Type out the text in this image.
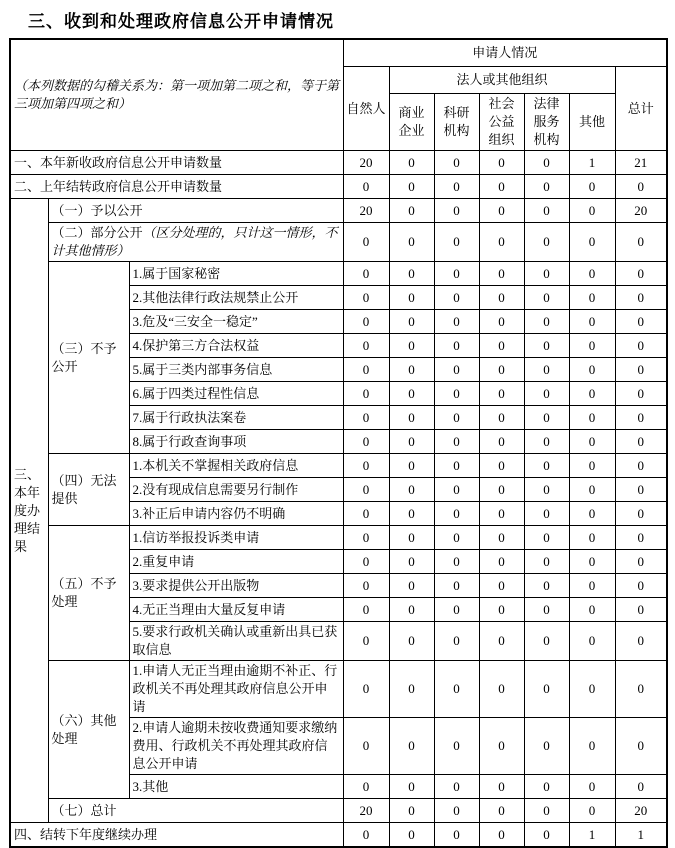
三、收到和处理政府信息公开申请情况
（本列数据的勾稽关系为：第一项加第二项之和，等于第三项加第四项之和）			申请人情况						
			自然人	法人或其他组织					总计
				商业企业	科研机构	社会公益组织	法律服务机构	其他	
一、本年新收政府信息公开申请数量			20	0	0	0	0	1	21
二、上年结转政府信息公开申请数量			0	0	0	0	0	0	0
三、本年度办理结果	（一）予以公开		20	0	0	0	0	0	20
	（二）部分公开（区分处理的，只计这一情形，不计其他情形）		0	0	0	0	0	0	0
	（三）不予公开	1.属于国家秘密	0	0	0	0	0	0	0
		2.其他法律行政法规禁止公开	0	0	0	0	0	0	0
		3.危及“三安全一稳定”	0	0	0	0	0	0	0
		4.保护第三方合法权益	0	0	0	0	0	0	0
		5.属于三类内部事务信息	0	0	0	0	0	0	0
		6.属于四类过程性信息	0	0	0	0	0	0	0
		7.属于行政执法案卷	0	0	0	0	0	0	0
		8.属于行政查询事项	0	0	0	0	0	0	0
	（四）无法提供	1.本机关不掌握相关政府信息	0	0	0	0	0	0	0
		2.没有现成信息需要另行制作	0	0	0	0	0	0	0
		3.补正后申请内容仍不明确	0	0	0	0	0	0	0
	（五）不予处理	1.信访举报投诉类申请	0	0	0	0	0	0	0
		2.重复申请	0	0	0	0	0	0	0
		3.要求提供公开出版物	0	0	0	0	0	0	0
		4.无正当理由大量反复申请	0	0	0	0	0	0	0
		5.要求行政机关确认或重新出具已获取信息	0	0	0	0	0	0	0
	（六）其他处理	1.申请人无正当理由逾期不补正、行政机关不再处理其政府信息公开申请	0	0	0	0	0	0	0
		2.申请人逾期未按收费通知要求缴纳费用、行政机关不再处理其政府信息公开申请	0	0	0	0	0	0	0
		3.其他	0	0	0	0	0	0	0
	（七）总计		20	0	0	0	0	0	20
四、结转下年度继续办理			0	0	0	0	0	1	1
